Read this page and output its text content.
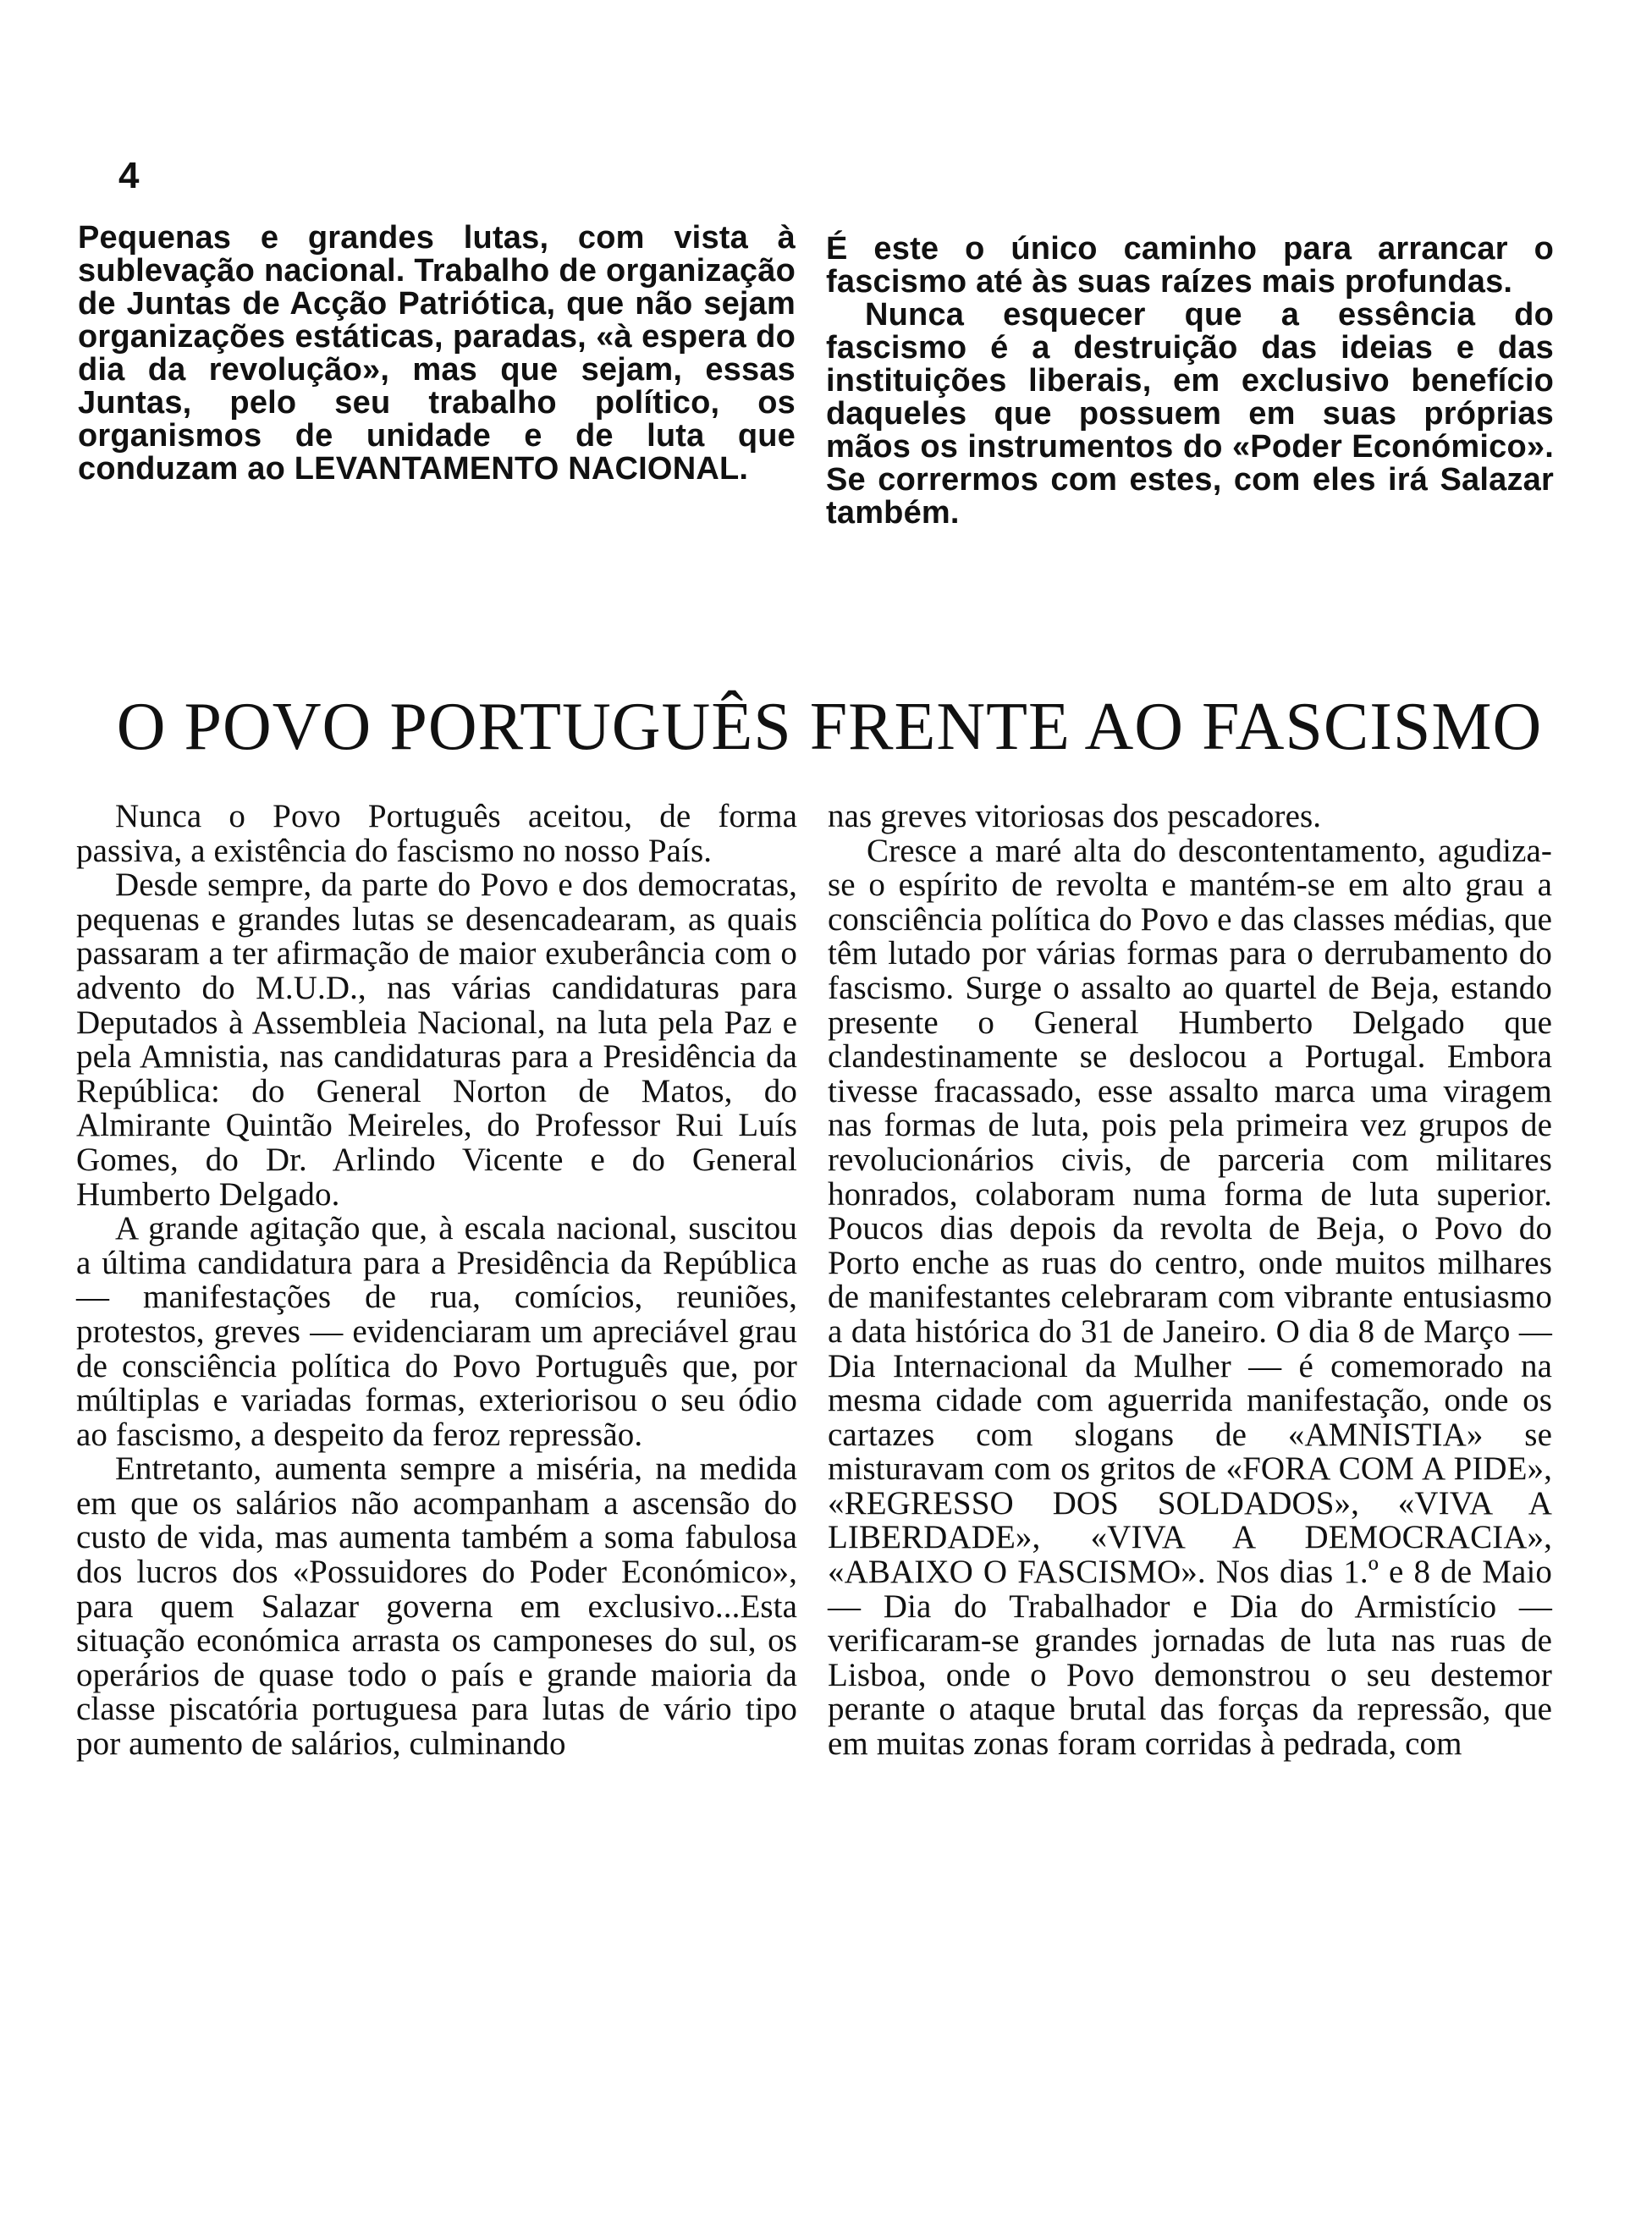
4

Pequenas e grandes lutas, com vista à sublevação nacional. Trabalho de organização de Juntas de Acção Patriótica, que não sejam organizações estáticas, paradas, «à espera do dia da revolução», mas que sejam, essas Juntas, pelo seu trabalho político, os organismos de unidade e de luta que conduzam ao LEVANTAMENTO NACIONAL.

É este o único caminho para arrancar o fascismo até às suas raízes mais profundas.

Nunca esquecer que a essência do fascismo é a destruição das ideias e das instituições liberais, em exclusivo benefício daqueles que possuem em suas próprias mãos os instrumentos do «Poder Económico». Se corrermos com estes, com eles irá Salazar também.

O POVO PORTUGUÊS FRENTE AO FASCISMO

Nunca o Povo Português aceitou, de forma passiva, a existência do fascismo no nosso País.

Desde sempre, da parte do Povo e dos democratas, pequenas e grandes lutas se desencadearam, as quais passaram a ter afirmação de maior exuberância com o advento do M.U.D., nas várias candidaturas para Deputados à Assembleia Nacional, na luta pela Paz e pela Amnistia, nas candidaturas para a Presidência da República: do General Norton de Matos, do Almirante Quintão Meireles, do Professor Rui Luís Gomes, do Dr. Arlindo Vicente e do General Humberto Delgado.

A grande agitação que, à escala nacional, suscitou a última candidatura para a Presidência da República — manifestações de rua, comícios, reuniões, protestos, greves — evidenciaram um apreciável grau de consciência política do Povo Português que, por múltiplas e variadas formas, exteriorisou o seu ódio ao fascismo, a despeito da feroz repressão.

Entretanto, aumenta sempre a miséria, na medida em que os salários não acompanham a ascensão do custo de vida, mas aumenta também a soma fabulosa dos lucros dos «Possuidores do Poder Económico», para quem Salazar governa em exclusivo...Esta situação económica arrasta os camponeses do sul, os operários de quase todo o país e grande maioria da classe piscatória portuguesa para lutas de vário tipo por aumento de salários, culminando

nas greves vitoriosas dos pescadores.

Cresce a maré alta do descontentamento, agudiza-se o espírito de revolta e mantém-se em alto grau a consciência política do Povo e das classes médias, que têm lutado por várias formas para o derrubamento do fascismo. Surge o assalto ao quartel de Beja, estando presente o General Humberto Delgado que clandestinamente se deslocou a Portugal. Embora tivesse fracassado, esse assalto marca uma viragem nas formas de luta, pois pela primeira vez grupos de revolucionários civis, de parceria com militares honrados, colaboram numa forma de luta superior. Poucos dias depois da revolta de Beja, o Povo do Porto enche as ruas do centro, onde muitos milhares de manifestantes celebraram com vibrante entusiasmo a data histórica do 31 de Janeiro. O dia 8 de Março — Dia Internacional da Mulher — é comemorado na mesma cidade com aguerrida manifestação, onde os cartazes com slogans de «AMNISTIA» se misturavam com os gritos de «FORA COM A PIDE», «REGRESSO DOS SOLDADOS», «VIVA A LIBERDADE», «VIVA A DEMOCRACIA», «ABAIXO O FASCISMO». Nos dias 1.º e 8 de Maio — Dia do Trabalhador e Dia do Armistício — verificaram-se grandes jornadas de luta nas ruas de Lisboa, onde o Povo demonstrou o seu destemor perante o ataque brutal das forças da repressão, que em muitas zonas foram corridas à pedrada, com
